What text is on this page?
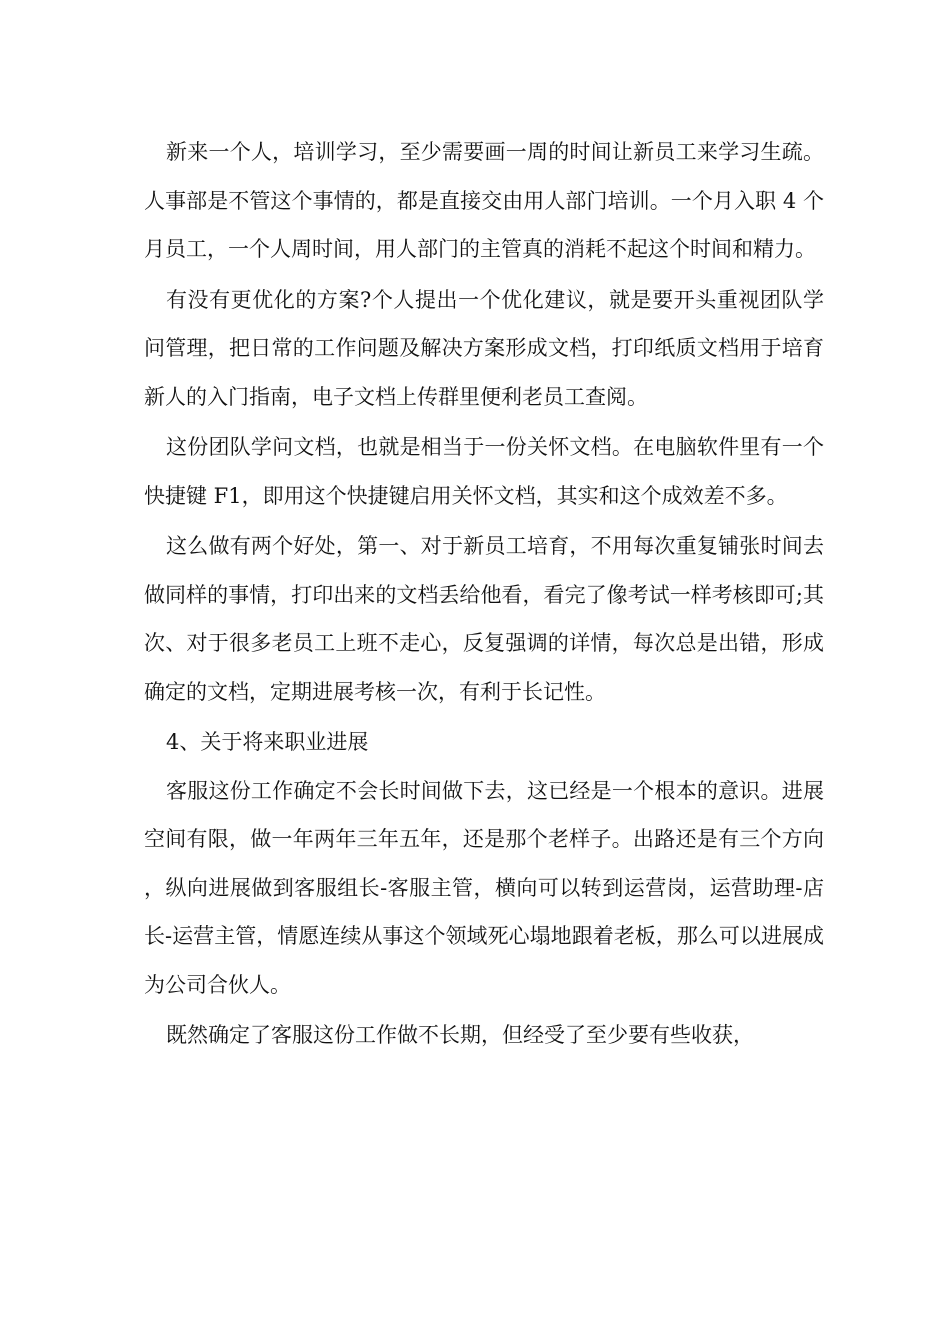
新来一个人，培训学习，至少需要画一周的时间让新员工来学习生疏。人事部是不管这个事情的，都是直接交由用人部门培训。一个月入职 4 个月员工，一个人周时间，用人部门的主管真的消耗不起这个时间和精力。

有没有更优化的方案?个人提出一个优化建议，就是要开头重视团队学问管理，把日常的工作问题及解决方案形成文档，打印纸质文档用于培育新人的入门指南，电子文档上传群里便利老员工查阅。

这份团队学问文档，也就是相当于一份关怀文档。在电脑软件里有一个快捷键 F1，即用这个快捷键启用关怀文档，其实和这个成效差不多。

这么做有两个好处，第一、对于新员工培育，不用每次重复铺张时间去做同样的事情，打印出来的文档丢给他看，看完了像考试一样考核即可;其次、对于很多老员工上班不走心，反复强调的详情，每次总是出错，形成确定的文档，定期进展考核一次，有利于长记性。

4、关于将来职业进展

客服这份工作确定不会长时间做下去，这已经是一个根本的意识。进展空间有限，做一年两年三年五年，还是那个老样子。出路还是有三个方向，纵向进展做到客服组长-客服主管，横向可以转到运营岗，运营助理-店长-运营主管，情愿连续从事这个领域死心塌地跟着老板，那么可以进展成为公司合伙人。

既然确定了客服这份工作做不长期，但经受了至少要有些收获，
